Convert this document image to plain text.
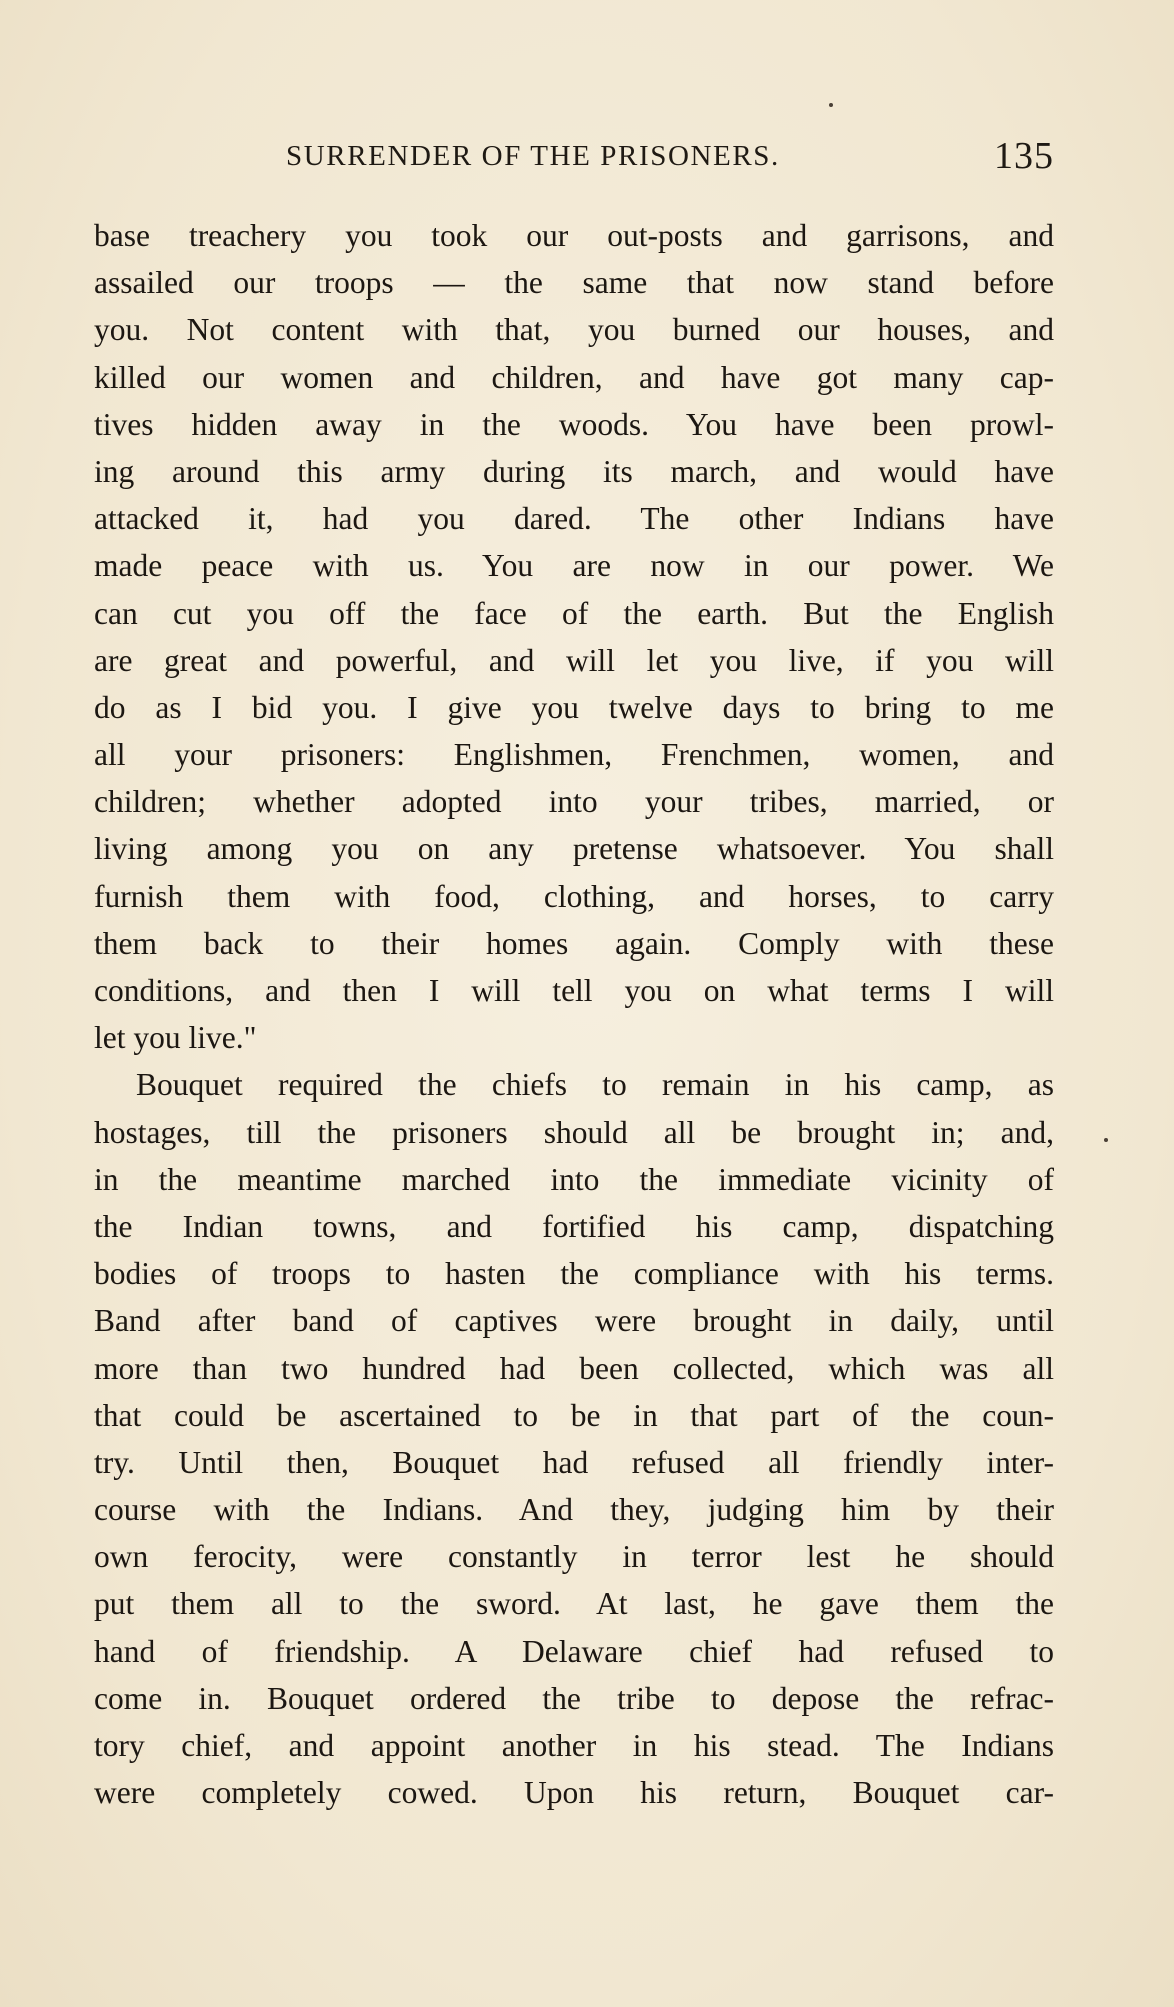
SURRENDER OF THE PRISONERS.	135
base treachery you took our out-posts and garrisons, and
assailed our troops — the same that now stand before
you. Not content with that, you burned our houses, and
killed our women and children, and have got many cap-
tives hidden away in the woods. You have been prowl-
ing around this army during its march, and would have
attacked it, had you dared. The other Indians have
made peace with us. You are now in our power. We
can cut you off the face of the earth. But the English
are great and powerful, and will let you live, if you will
do as I bid you. I give you twelve days to bring to me
all your prisoners: Englishmen, Frenchmen, women, and
children; whether adopted into your tribes, married, or
living among you on any pretense whatsoever. You shall
furnish them with food, clothing, and horses, to carry
them back to their homes again. Comply with these
conditions, and then I will tell you on what terms I will
let you live."
Bouquet required the chiefs to remain in his camp, as
hostages, till the prisoners should all be brought in; and,
in the meantime marched into the immediate vicinity of
the Indian towns, and fortified his camp, dispatching
bodies of troops to hasten the compliance with his terms.
Band after band of captives were brought in daily, until
more than two hundred had been collected, which was all
that could be ascertained to be in that part of the coun-
try. Until then, Bouquet had refused all friendly inter-
course with the Indians. And they, judging him by their
own ferocity, were constantly in terror lest he should
put them all to the sword. At last, he gave them the
hand of friendship. A Delaware chief had refused to
come in. Bouquet ordered the tribe to depose the refrac-
tory chief, and appoint another in his stead. The Indians
were completely cowed. Upon his return, Bouquet car-
